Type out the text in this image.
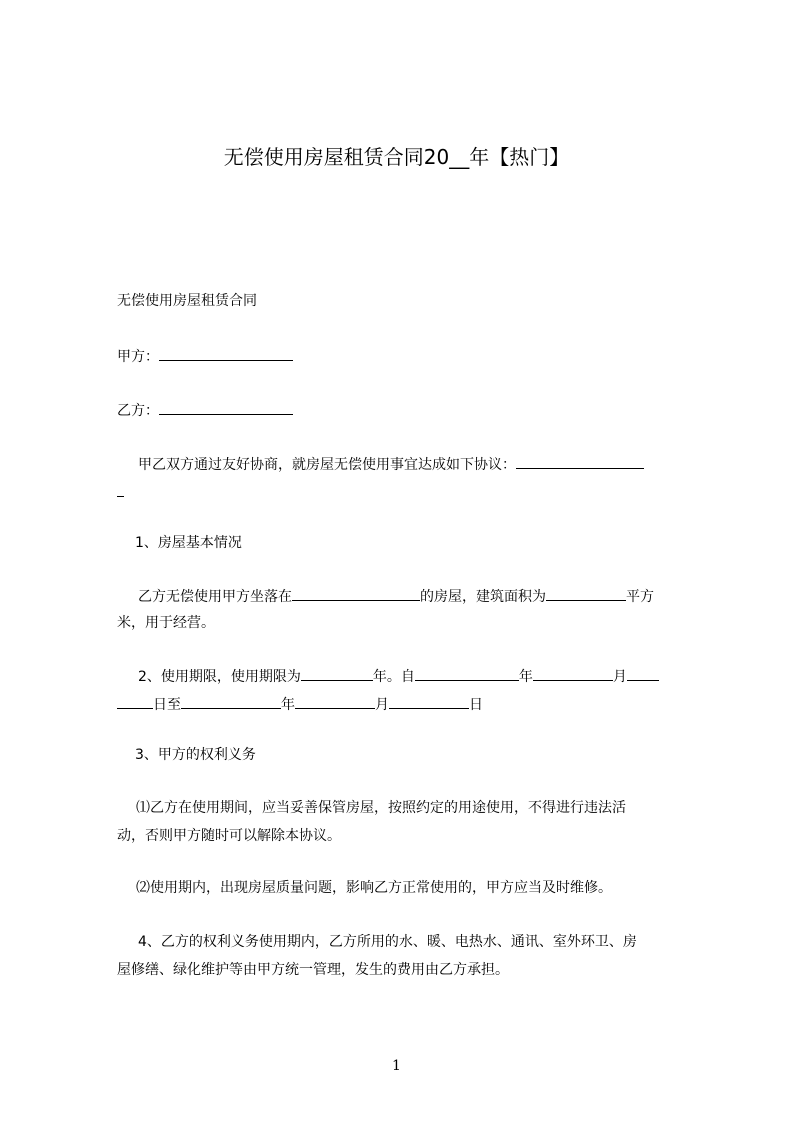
无偿使用房屋租赁合同20__年【热门】
无偿使用房屋租赁合同
甲方：
乙方：
甲乙双方通过友好协商，就房屋无偿使用事宜达成如下协议：
1、房屋基本情况
乙方无偿使用甲方坐落在	的房屋，建筑面积为	平方
米，用于经营。
2、使用期限，使用期限为	年。自	年	月
日至	年	月	日
3、甲方的权利义务
⑴乙方在使用期间，应当妥善保管房屋，按照约定的用途使用，不得进行违法活
动，否则甲方随时可以解除本协议。
⑵使用期内，出现房屋质量问题，影响乙方正常使用的，甲方应当及时维修。
4、乙方的权利义务使用期内，乙方所用的水、暖、电热水、通讯、室外环卫、房
屋修缮、绿化维护等由甲方统一管理，发生的费用由乙方承担。
1
